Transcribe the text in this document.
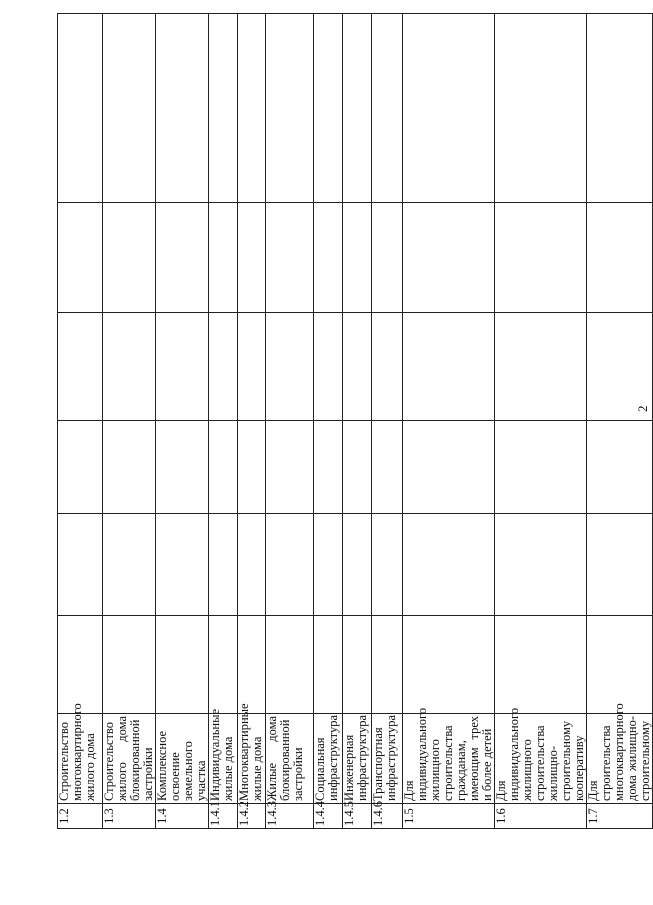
2
1.2	Строительство многоквартирного жилого дома						
1.3	Строительство жилого дома блокированной застройки						
1.4	Комплексное освоение земельного участка						
1.4.1	Индивидуальные жилые дома						
1.4.2	Многоквартирные жилые дома						
1.4.3	Жилые дома блокированной застройки						
1.4.4	Социальная инфраструктура						
1.4.5	Инженерная инфраструктура						
1.4.6	Транспортная инфраструктура						
1.5	Для индивидуального жилищного строительства гражданам, имеющим трех и более детей						
1.6	Для индивидуального жилищного строительства жилищно-строительному кооперативу						
1.7	Для строительства многоквартирного дома жилищно-строительному						
